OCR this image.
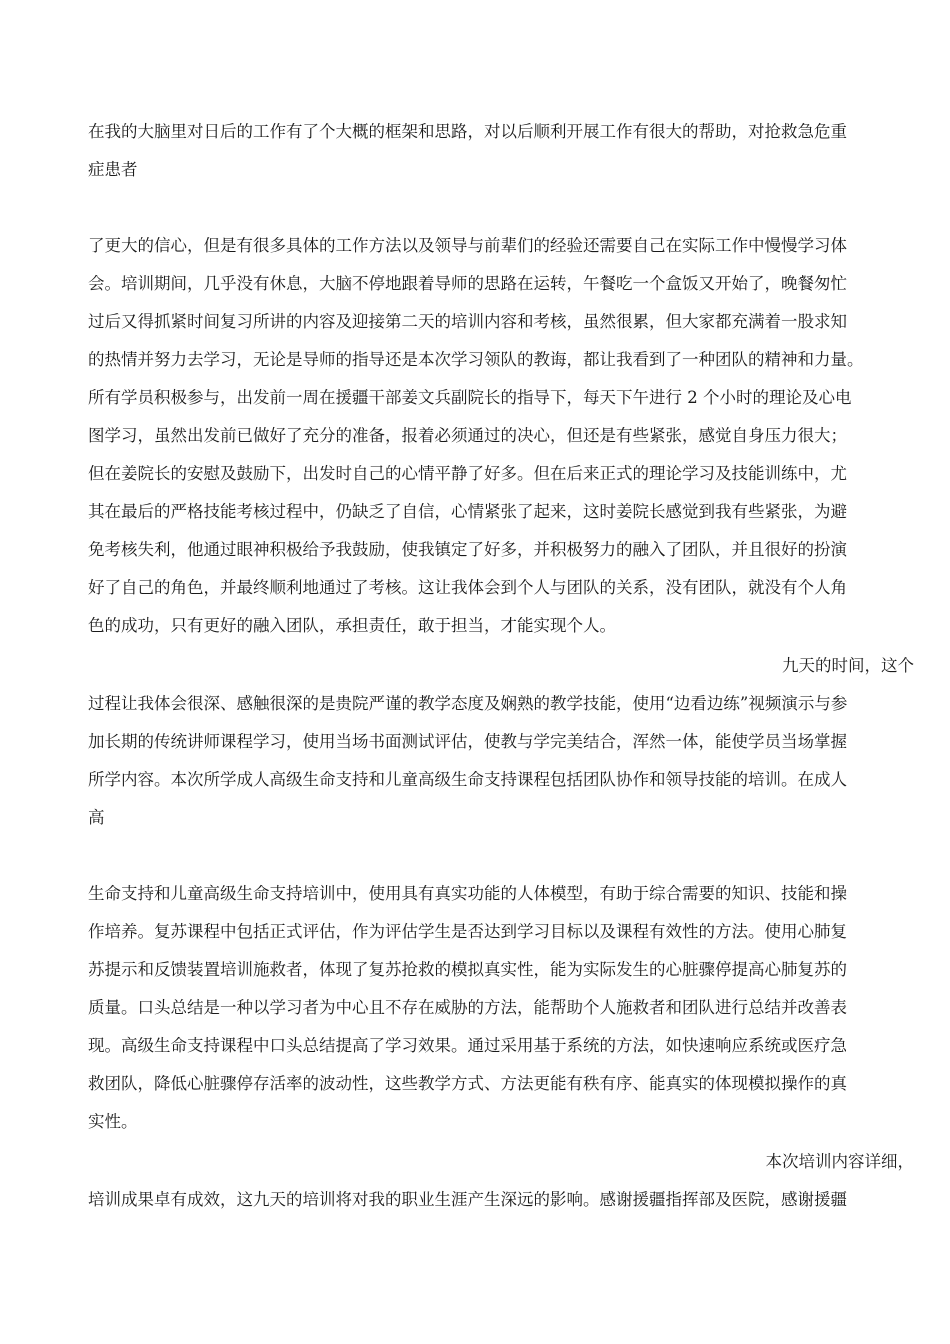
在我的大脑里对日后的工作有了个大概的框架和思路，对以后顺利开展工作有很大的帮助，对抢救急危重
症患者
了更大的信心，但是有很多具体的工作方法以及领导与前辈们的经验还需要自己在实际工作中慢慢学习体
会。培训期间，几乎没有休息，大脑不停地跟着导师的思路在运转，午餐吃一个盒饭又开始了，晚餐匆忙
过后又得抓紧时间复习所讲的内容及迎接第二天的培训内容和考核，虽然很累，但大家都充满着一股求知
的热情并努力去学习，无论是导师的指导还是本次学习领队的教诲，都让我看到了一种团队的精神和力量。
所有学员积极参与，出发前一周在援疆干部姜文兵副院长的指导下，每天下午进行 2 个小时的理论及心电
图学习，虽然出发前已做好了充分的准备，报着必须通过的决心，但还是有些紧张，感觉自身压力很大；
但在姜院长的安慰及鼓励下，出发时自己的心情平静了好多。但在后来正式的理论学习及技能训练中，尤
其在最后的严格技能考核过程中，仍缺乏了自信，心情紧张了起来，这时姜院长感觉到我有些紧张，为避
免考核失利，他通过眼神积极给予我鼓励，使我镇定了好多，并积极努力的融入了团队，并且很好的扮演
好了自己的角色，并最终顺利地通过了考核。这让我体会到个人与团队的关系，没有团队，就没有个人角
色的成功，只有更好的融入团队，承担责任，敢于担当，才能实现个人。
九天的时间，这个
过程让我体会很深、感触很深的是贵院严谨的教学态度及娴熟的教学技能，使用“边看边练”视频演示与参
加长期的传统讲师课程学习，使用当场书面测试评估，使教与学完美结合，浑然一体，能使学员当场掌握
所学内容。本次所学成人高级生命支持和儿童高级生命支持课程包括团队协作和领导技能的培训。在成人
高
生命支持和儿童高级生命支持培训中，使用具有真实功能的人体模型，有助于综合需要的知识、技能和操
作培养。复苏课程中包括正式评估，作为评估学生是否达到学习目标以及课程有效性的方法。使用心肺复
苏提示和反馈装置培训施救者，体现了复苏抢救的模拟真实性，能为实际发生的心脏骤停提高心肺复苏的
质量。口头总结是一种以学习者为中心且不存在威胁的方法，能帮助个人施救者和团队进行总结并改善表
现。高级生命支持课程中口头总结提高了学习效果。通过采用基于系统的方法，如快速响应系统或医疗急
救团队，降低心脏骤停存活率的波动性，这些教学方式、方法更能有秩有序、能真实的体现模拟操作的真
实性。
本次培训内容详细，
培训成果卓有成效，这九天的培训将对我的职业生涯产生深远的影响。感谢援疆指挥部及医院，感谢援疆
